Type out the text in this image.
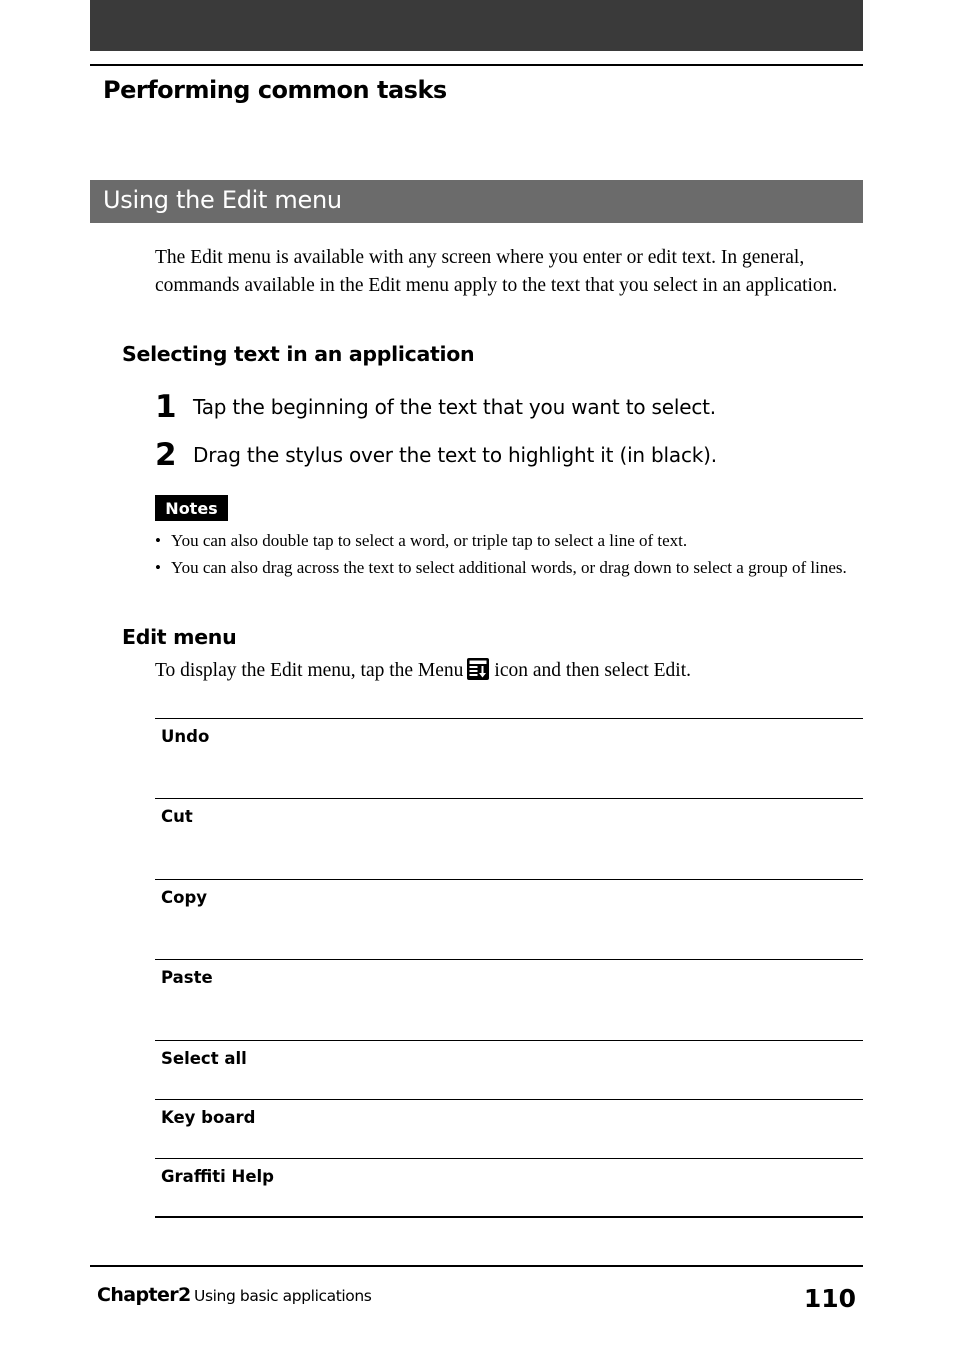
Performing common tasks
Using the Edit menu
The Edit menu is available with any screen where you enter or edit text. In general, commands available in the Edit menu apply to the text that you select in an application.
Selecting text in an application
1 Tap the beginning of the text that you want to select.
2 Drag the stylus over the text to highlight it (in black).
Notes
• You can also double tap to select a word, or triple tap to select a line of text.
• You can also drag across the text to select additional words, or drag down to select a group of lines.
Edit menu
To display the Edit menu, tap the Menu icon and then select Edit.
Undo
Cut
Copy
Paste
Select all
Key board
Graffiti Help
Chapter2 Using basic applications	110
